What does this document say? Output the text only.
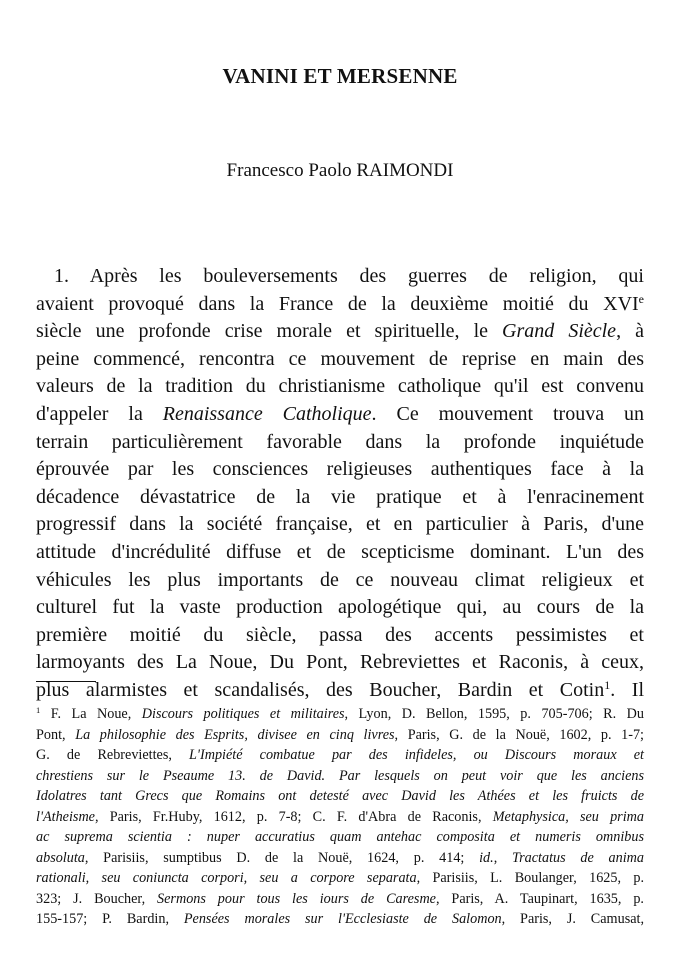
VANINI ET MERSENNE
Francesco Paolo RAIMONDI
1. Après les bouleversements des guerres de religion, qui
avaient provoqué dans la France de la deuxième moitié du XVIe
siècle une profonde crise morale et spirituelle, le Grand Siècle, à
peine commencé, rencontra ce mouvement de reprise en main des
valeurs de la tradition du christianisme catholique qu'il est convenu
d'appeler la Renaissance Catholique. Ce mouvement trouva un
terrain particulièrement favorable dans la profonde inquiétude
éprouvée par les consciences religieuses authentiques face à la
décadence dévastatrice de la vie pratique et à l'enracinement
progressif dans la société française, et en particulier à Paris, d'une
attitude d'incrédulité diffuse et de scepticisme dominant. L'un des
véhicules les plus importants de ce nouveau climat religieux et
culturel fut la vaste production apologétique qui, au cours de la
première moitié du siècle, passa des accents pessimistes et
larmoyants des La Noue, Du Pont, Rebreviettes et Raconis, à ceux,
plus alarmistes et scandalisés, des Boucher, Bardin et Cotin$^1$. Il
$^1$ F. La Noue, Discours politiques et militaires, Lyon, D. Bellon, 1595, p. 705-706; R. Du
Pont, La philosophie des Esprits, divisee en cinq livres, Paris, G. de la Nouë, 1602, p. 1-7;
G. de Rebreviettes, L'Impiété combatue par des infideles, ou Discours moraux et
chrestiens sur le Pseaume 13. de David. Par lesquels on peut voir que les anciens
Idolatres tant Grecs que Romains ont detesté avec David les Athées et les fruicts de
l'Atheisme, Paris, Fr.Huby, 1612, p. 7-8; C. F. d'Abra de Raconis, Metaphysica, seu prima
ac suprema scientia : nuper accuratius quam antehac composita et numeris omnibus
absoluta, Parisiis, sumptibus D. de la Nouë, 1624, p. 414; id., Tractatus de anima
rationali, seu coniuncta corpori, seu a corpore separata, Parisiis, L. Boulanger, 1625, p.
323; J. Boucher, Sermons pour tous les iours de Caresme, Paris, A. Taupinart, 1635, p.
155-157; P. Bardin, Pensées morales sur l'Ecclesiaste de Salomon, Paris, J. Camusat,
